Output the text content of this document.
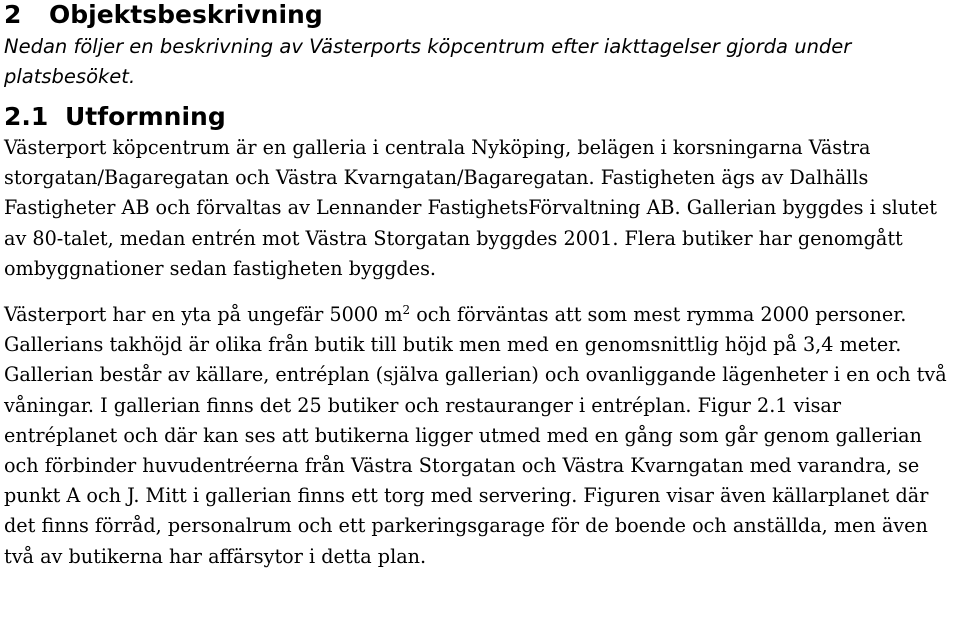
2 Objektsbeskrivning

Nedan följer en beskrivning av Västerports köpcentrum efter iakttagelser gjorda under platsbesöket.

2.1 Utformning

Västerport köpcentrum är en galleria i centrala Nyköping, belägen i korsningarna Västra storgatan/Bagaregatan och Västra Kvarngatan/Bagaregatan. Fastigheten ägs av Dalhälls Fastigheter AB och förvaltas av Lennander FastighetsFörvaltning AB. Gallerian byggdes i slutet av 80-talet, medan entrén mot Västra Storgatan byggdes 2001. Flera butiker har genomgått ombyggnationer sedan fastigheten byggdes.

Västerport har en yta på ungefär 5000 $m^2$ och förväntas att som mest rymma 2000 personer. Gallerians takhöjd är olika från butik till butik men med en genomsnittlig höjd på 3,4 meter. Gallerian består av källare, entréplan (själva gallerian) och ovanliggande lägenheter i en och två våningar. I gallerian finns det 25 butiker och restauranger i entréplan. Figur 2.1 visar entréplanet och där kan ses att butikerna ligger utmed med en gång som går genom gallerian och förbinder huvudentréerna från Västra Storgatan och Västra Kvarngatan med varandra, se punkt A och J. Mitt i gallerian finns ett torg med servering. Figuren visar även källarplanet där det finns förråd, personalrum och ett parkeringsgarage för de boende och anställda, men även två av butikerna har affärsytor i detta plan.
